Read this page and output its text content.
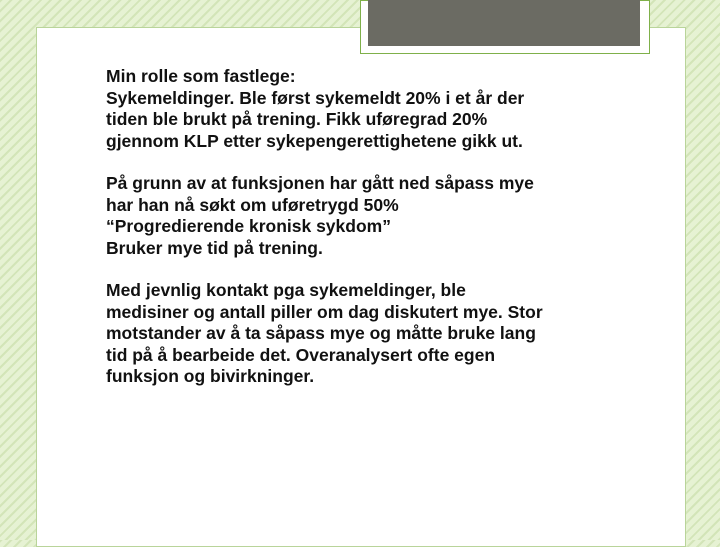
Min rolle som fastlege:
Sykemeldinger. Ble først sykemeldt 20% i et år der
tiden ble brukt på trening. Fikk uføregrad 20%
gjennom KLP etter sykepengerettighetene gikk ut.

På grunn av at funksjonen har gått ned såpass mye
har han nå søkt om uføretrygd 50%
“Progredierende kronisk sykdom”
Bruker mye tid på trening.

Med jevnlig kontakt pga sykemeldinger, ble
medisiner og antall piller om dag diskutert mye. Stor
motstander av å ta såpass mye og måtte bruke lang
tid på å bearbeide det. Overanalysert ofte egen
funksjon og bivirkninger.
